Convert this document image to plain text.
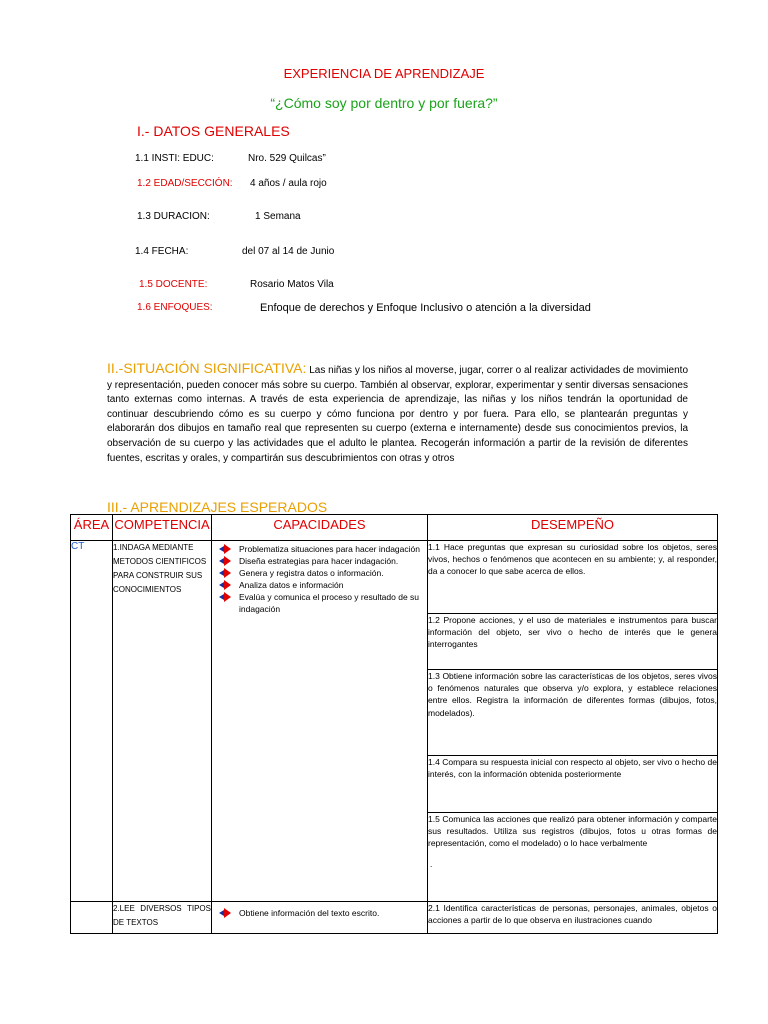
EXPERIENCIA DE APRENDIZAJE
“¿Cómo soy por dentro y por fuera?”
I.- DATOS GENERALES
1.1 INSTI: EDUC:	Nro. 529 Quilcas”
1.2 EDAD/SECCIÓN: 4 años / aula rojo
1.3 DURACION:	1 Semana
1.4 FECHA:	del 07 al 14 de Junio
1.5 DOCENTE:	Rosario Matos Vila
1.6 ENFOQUES:	Enfoque de derechos y Enfoque Inclusivo o atención a la diversidad
II.-SITUACIÓN SIGNIFICATIVA: Las niñas y los niños al moverse, jugar, correr o al realizar actividades de movimiento y representación, pueden conocer más sobre su cuerpo. También al observar, explorar, experimentar y sentir diversas sensaciones tanto externas como internas. A través de esta experiencia de aprendizaje, las niñas y los niños tendrán la oportunidad de continuar descubriendo cómo es su cuerpo y cómo funciona por dentro y por fuera. Para ello, se plantearán preguntas y elaborarán dos dibujos en tamaño real que representen su cuerpo (externa e internamente) desde sus conocimientos previos, la observación de su cuerpo y las actividades que el adulto le plantea. Recogerán información a partir de la revisión de diferentes fuentes, escritas y orales, y compartirán sus descubrimientos con otras y otros
III.- APRENDIZAJES ESPERADOS
ÁREA	COMPETENCIA	CAPACIDADES	DESEMPEÑO
CT	1.INDAGA MEDIANTE METODOS CIENTIFICOS PARA CONSTRUIR SUS CONOCIMIENTOS	Problematiza situaciones para hacer indagación
Diseña estrategias para hacer indagación.
Genera y registra datos o información.
Analiza datos e información
Evalúa y comunica el proceso y resultado de su indagación	1.1 Hace preguntas que expresan su curiosidad sobre los objetos, seres vivos, hechos o fenómenos que acontecen en su ambiente; y, al responder, da a conocer lo que sabe acerca de ellos.
			1.2 Propone acciones, y el uso de materiales e instrumentos para buscar información del objeto, ser vivo o hecho de interés que le genera interrogantes
			1.3 Obtiene información sobre las características de los objetos, seres vivos o fenómenos naturales que observa y/o explora, y establece relaciones entre ellos. Registra la información de diferentes formas (dibujos, fotos, modelados).
			1.4 Compara su respuesta inicial con respecto al objeto, ser vivo o hecho de interés, con la información obtenida posteriormente

			1.5 Comunica las acciones que realizó para obtener información y comparte sus resultados. Utiliza sus registros (dibujos, fotos u otras formas de representación, como el modelado) o lo hace verbalmente
.

	2.LEE DIVERSOS TIPOS DE TEXTOS	Obtiene información del texto escrito.	2.1 Identifica características de personas, personajes, animales, objetos o acciones a partir de lo que observa en ilustraciones cuando
